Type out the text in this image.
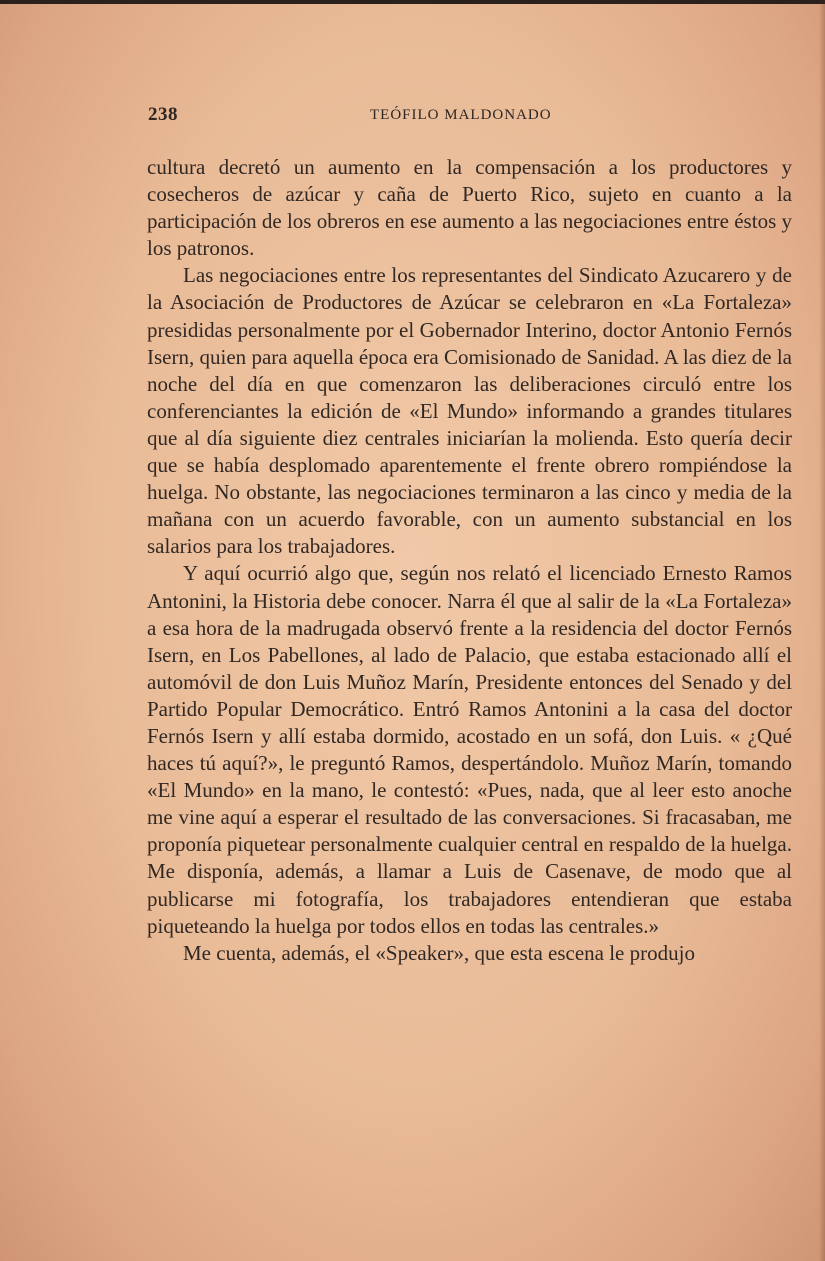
238	TEÓFILO MALDONADO

cultura decretó un aumento en la compensación a los productores y cosecheros de azúcar y caña de Puerto Rico, sujeto en cuanto a la participación de los obreros en ese aumento a las negociaciones entre éstos y los patronos.

Las negociaciones entre los representantes del Sindicato Azucarero y de la Asociación de Productores de Azúcar se celebraron en «La Fortaleza» presididas personalmente por el Gobernador Interino, doctor Antonio Fernós Isern, quien para aquella época era Comisionado de Sanidad. A las diez de la noche del día en que comenzaron las deliberaciones circuló entre los conferenciantes la edición de «El Mundo» informando a grandes titulares que al día siguiente diez centrales iniciarían la molienda. Esto quería decir que se había desplomado aparentemente el frente obrero rompiéndose la huelga. No obstante, las negociaciones terminaron a las cinco y media de la mañana con un acuerdo favorable, con un aumento substancial en los salarios para los trabajadores.

Y aquí ocurrió algo que, según nos relató el licenciado Ernesto Ramos Antonini, la Historia debe conocer. Narra él que al salir de la «La Fortaleza» a esa hora de la madrugada observó frente a la residencia del doctor Fernós Isern, en Los Pabellones, al lado de Palacio, que estaba estacionado allí el automóvil de don Luis Muñoz Marín, Presidente entonces del Senado y del Partido Popular Democrático. Entró Ramos Antonini a la casa del doctor Fernós Isern y allí estaba dormido, acostado en un sofá, don Luis. « ¿Qué haces tú aquí?», le preguntó Ramos, despertándolo. Muñoz Marín, tomando «El Mundo» en la mano, le contestó: «Pues, nada, que al leer esto anoche me vine aquí a esperar el resultado de las conversaciones. Si fracasaban, me proponía piquetear personalmente cualquier central en respaldo de la huelga. Me disponía, además, a llamar a Luis de Casenave, de modo que al publicarse mi fotografía, los trabajadores entendieran que estaba piqueteando la huelga por todos ellos en todas las centrales.»

Me cuenta, además, el «Speaker», que esta escena le produjo
